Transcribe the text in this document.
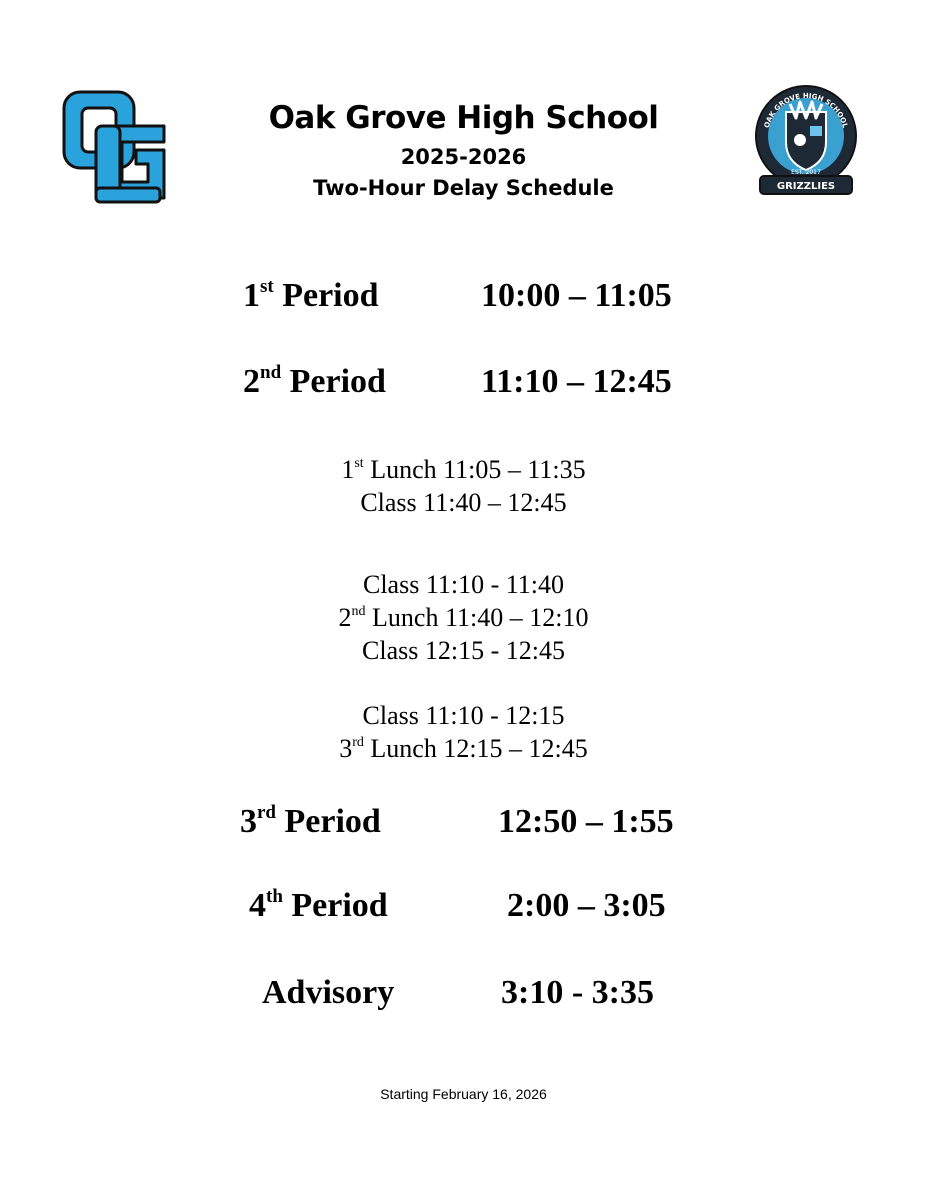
Oak Grove High School
2025-2026
Two-Hour Delay Schedule	GRIZZLIES
EST. 2017
OAK GROVE HIGH SCHOOL
1st Period	10:00 – 11:05
2nd Period	11:10 – 12:45
1st Lunch 11:05 – 11:35
Class 11:40 – 12:45
Class 11:10 - 11:40
2nd Lunch 11:40 – 12:10
Class 12:15 - 12:45
Class 11:10 - 12:15
3rd Lunch 12:15 – 12:45
3rd Period	12:50 – 1:55
4th Period	2:00 – 3:05
Advisory	3:10 - 3:35
Starting February 16, 2026
